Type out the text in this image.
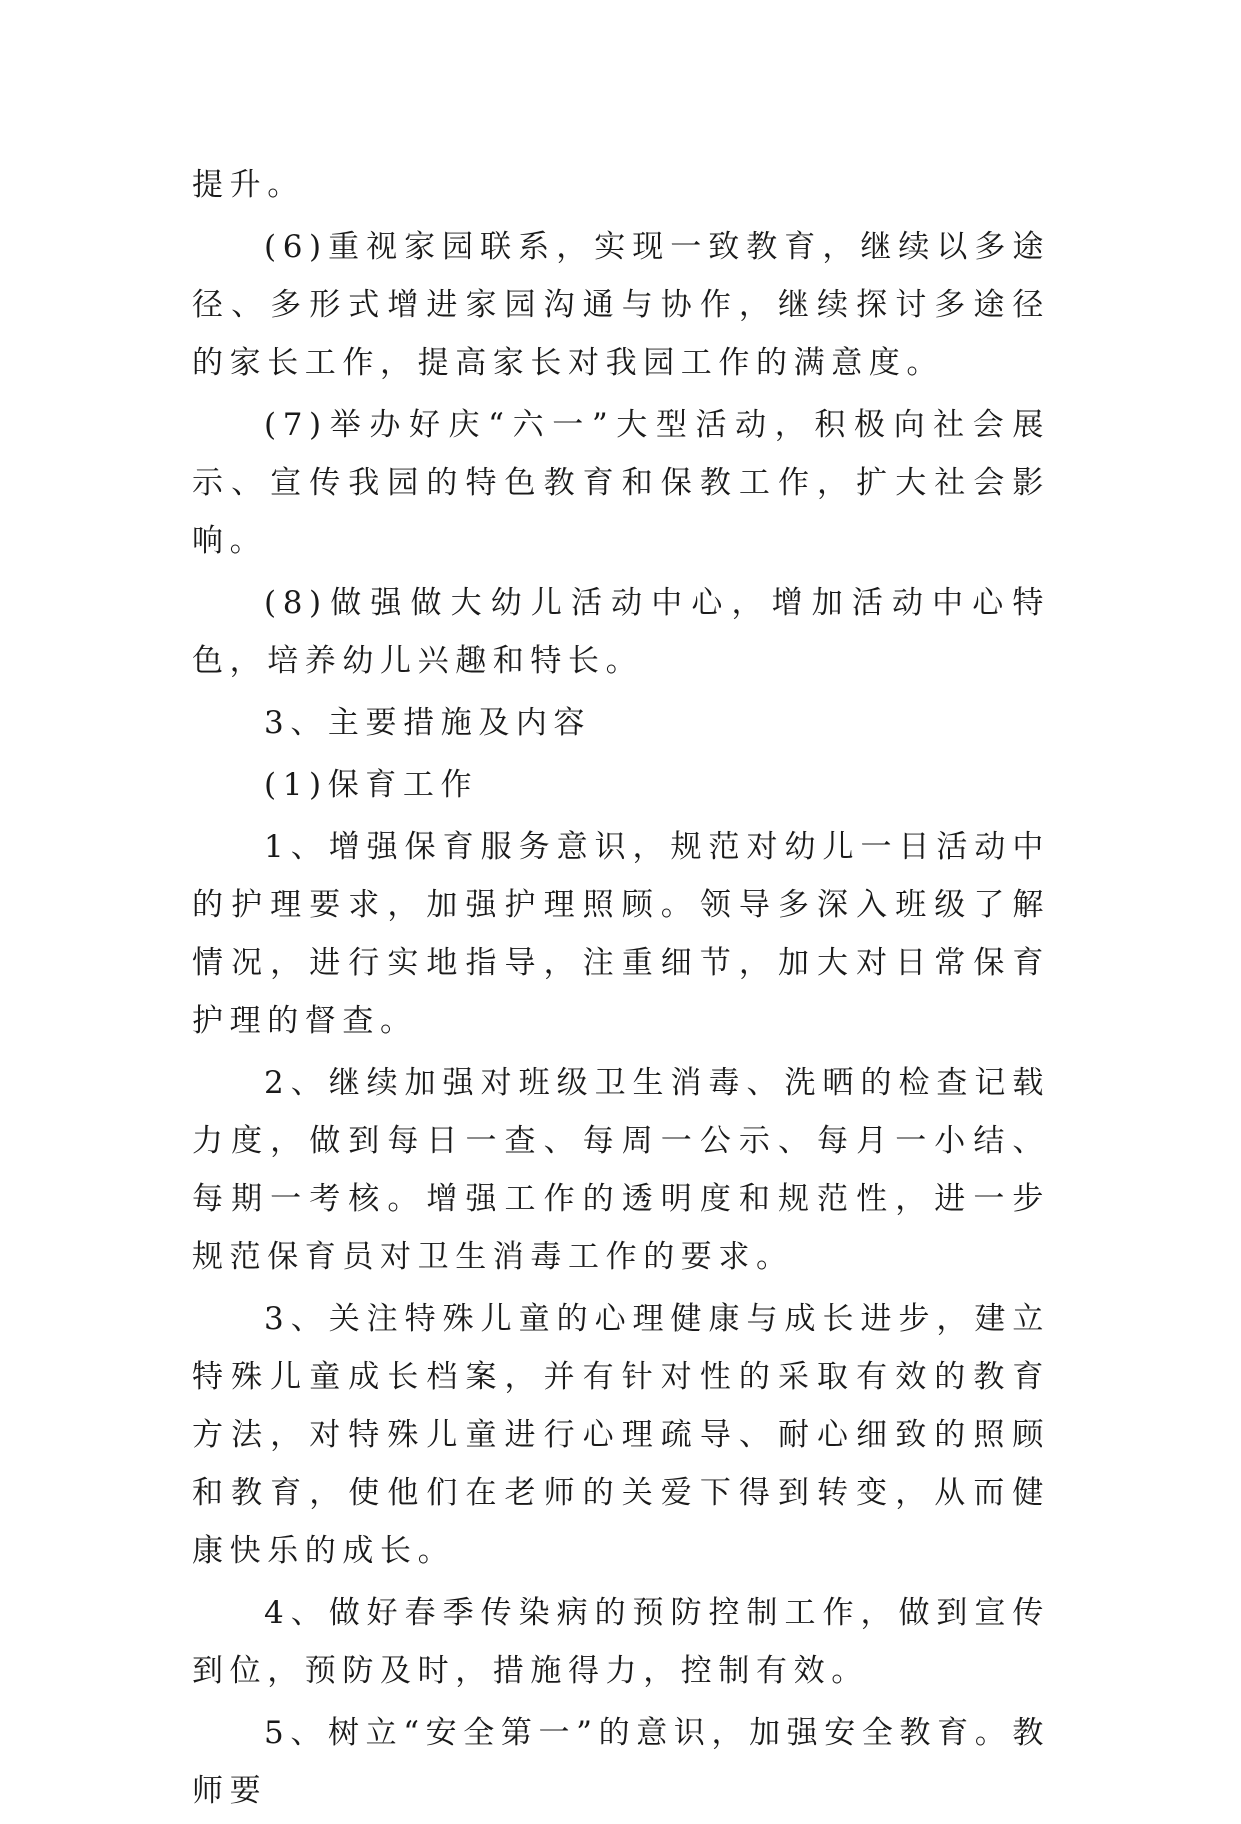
提升。

(6)重视家园联系，实现一致教育，继续以多途径、多形式增进家园沟通与协作，继续探讨多途径的家长工作，提高家长对我园工作的满意度。

(7)举办好庆“六一”大型活动，积极向社会展示、宣传我园的特色教育和保教工作，扩大社会影响。

(8)做强做大幼儿活动中心，增加活动中心特色，培养幼儿兴趣和特长。

3、主要措施及内容

(1)保育工作

1、增强保育服务意识，规范对幼儿一日活动中的护理要求，加强护理照顾。领导多深入班级了解情况，进行实地指导，注重细节，加大对日常保育护理的督查。

2、继续加强对班级卫生消毒、洗晒的检查记载力度，做到每日一查、每周一公示、每月一小结、每期一考核。增强工作的透明度和规范性，进一步规范保育员对卫生消毒工作的要求。

3、关注特殊儿童的心理健康与成长进步，建立特殊儿童成长档案，并有针对性的采取有效的教育方法，对特殊儿童进行心理疏导、耐心细致的照顾和教育，使他们在老师的关爱下得到转变，从而健康快乐的成长。

4、做好春季传染病的预防控制工作，做到宣传到位，预防及时，措施得力，控制有效。

5、树立“安全第一”的意识，加强安全教育。教师要
